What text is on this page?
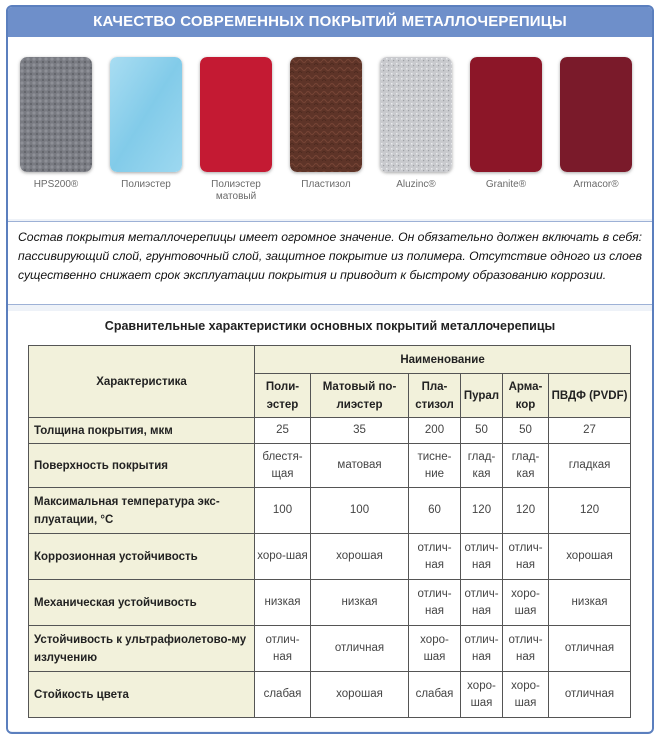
КАЧЕСТВО СОВРЕМЕННЫХ ПОКРЫТИЙ МЕТАЛЛОЧЕРЕПИЦЫ
HPS200®	Полиэстер	Полиэстер матовый
Пластизол	Aluzinc®	Granite®	Armacor®
Состав покрытия металлочерепицы имеет огромное значение. Он обязательно должен включать в себя: пассивирующий слой, грунтовочный слой, защитное покрытие из полимера. Отсутствие одного из слоев существенно снижает срок эксплуатации покрытия и приводит к быстрому образованию коррозии.
Сравнительные характеристики основных покрытий металлочерепицы
Характеристика	Наименование					
	Поли-эстер	Матовый по-лиэстер	Пла-стизол	Пурал	Арма-кор	ПВДФ (PVDF)
Толщина покрытия, мкм	25	35	200	50	50	27
Поверхность покрытия	блестя-щая	матовая	тисне-ние	глад-кая	глад-кая	гладкая
Максимальная температура экс-плуатации, °С	100	100	60	120	120	120
Коррозионная устойчивость	хоро-шая	хорошая	отлич-ная	отлич-ная	отлич-ная	хорошая
Механическая устойчивость	низкая	низкая	отлич-ная	отлич-ная	хоро-шая	низкая
Устойчивость к ультрафиолетово-му излучению	отлич-ная	отличная	хоро-шая	отлич-ная	отлич-ная	отличная
Стойкость цвета	слабая	хорошая	слабая	хоро-шая	хоро-шая	отличная
